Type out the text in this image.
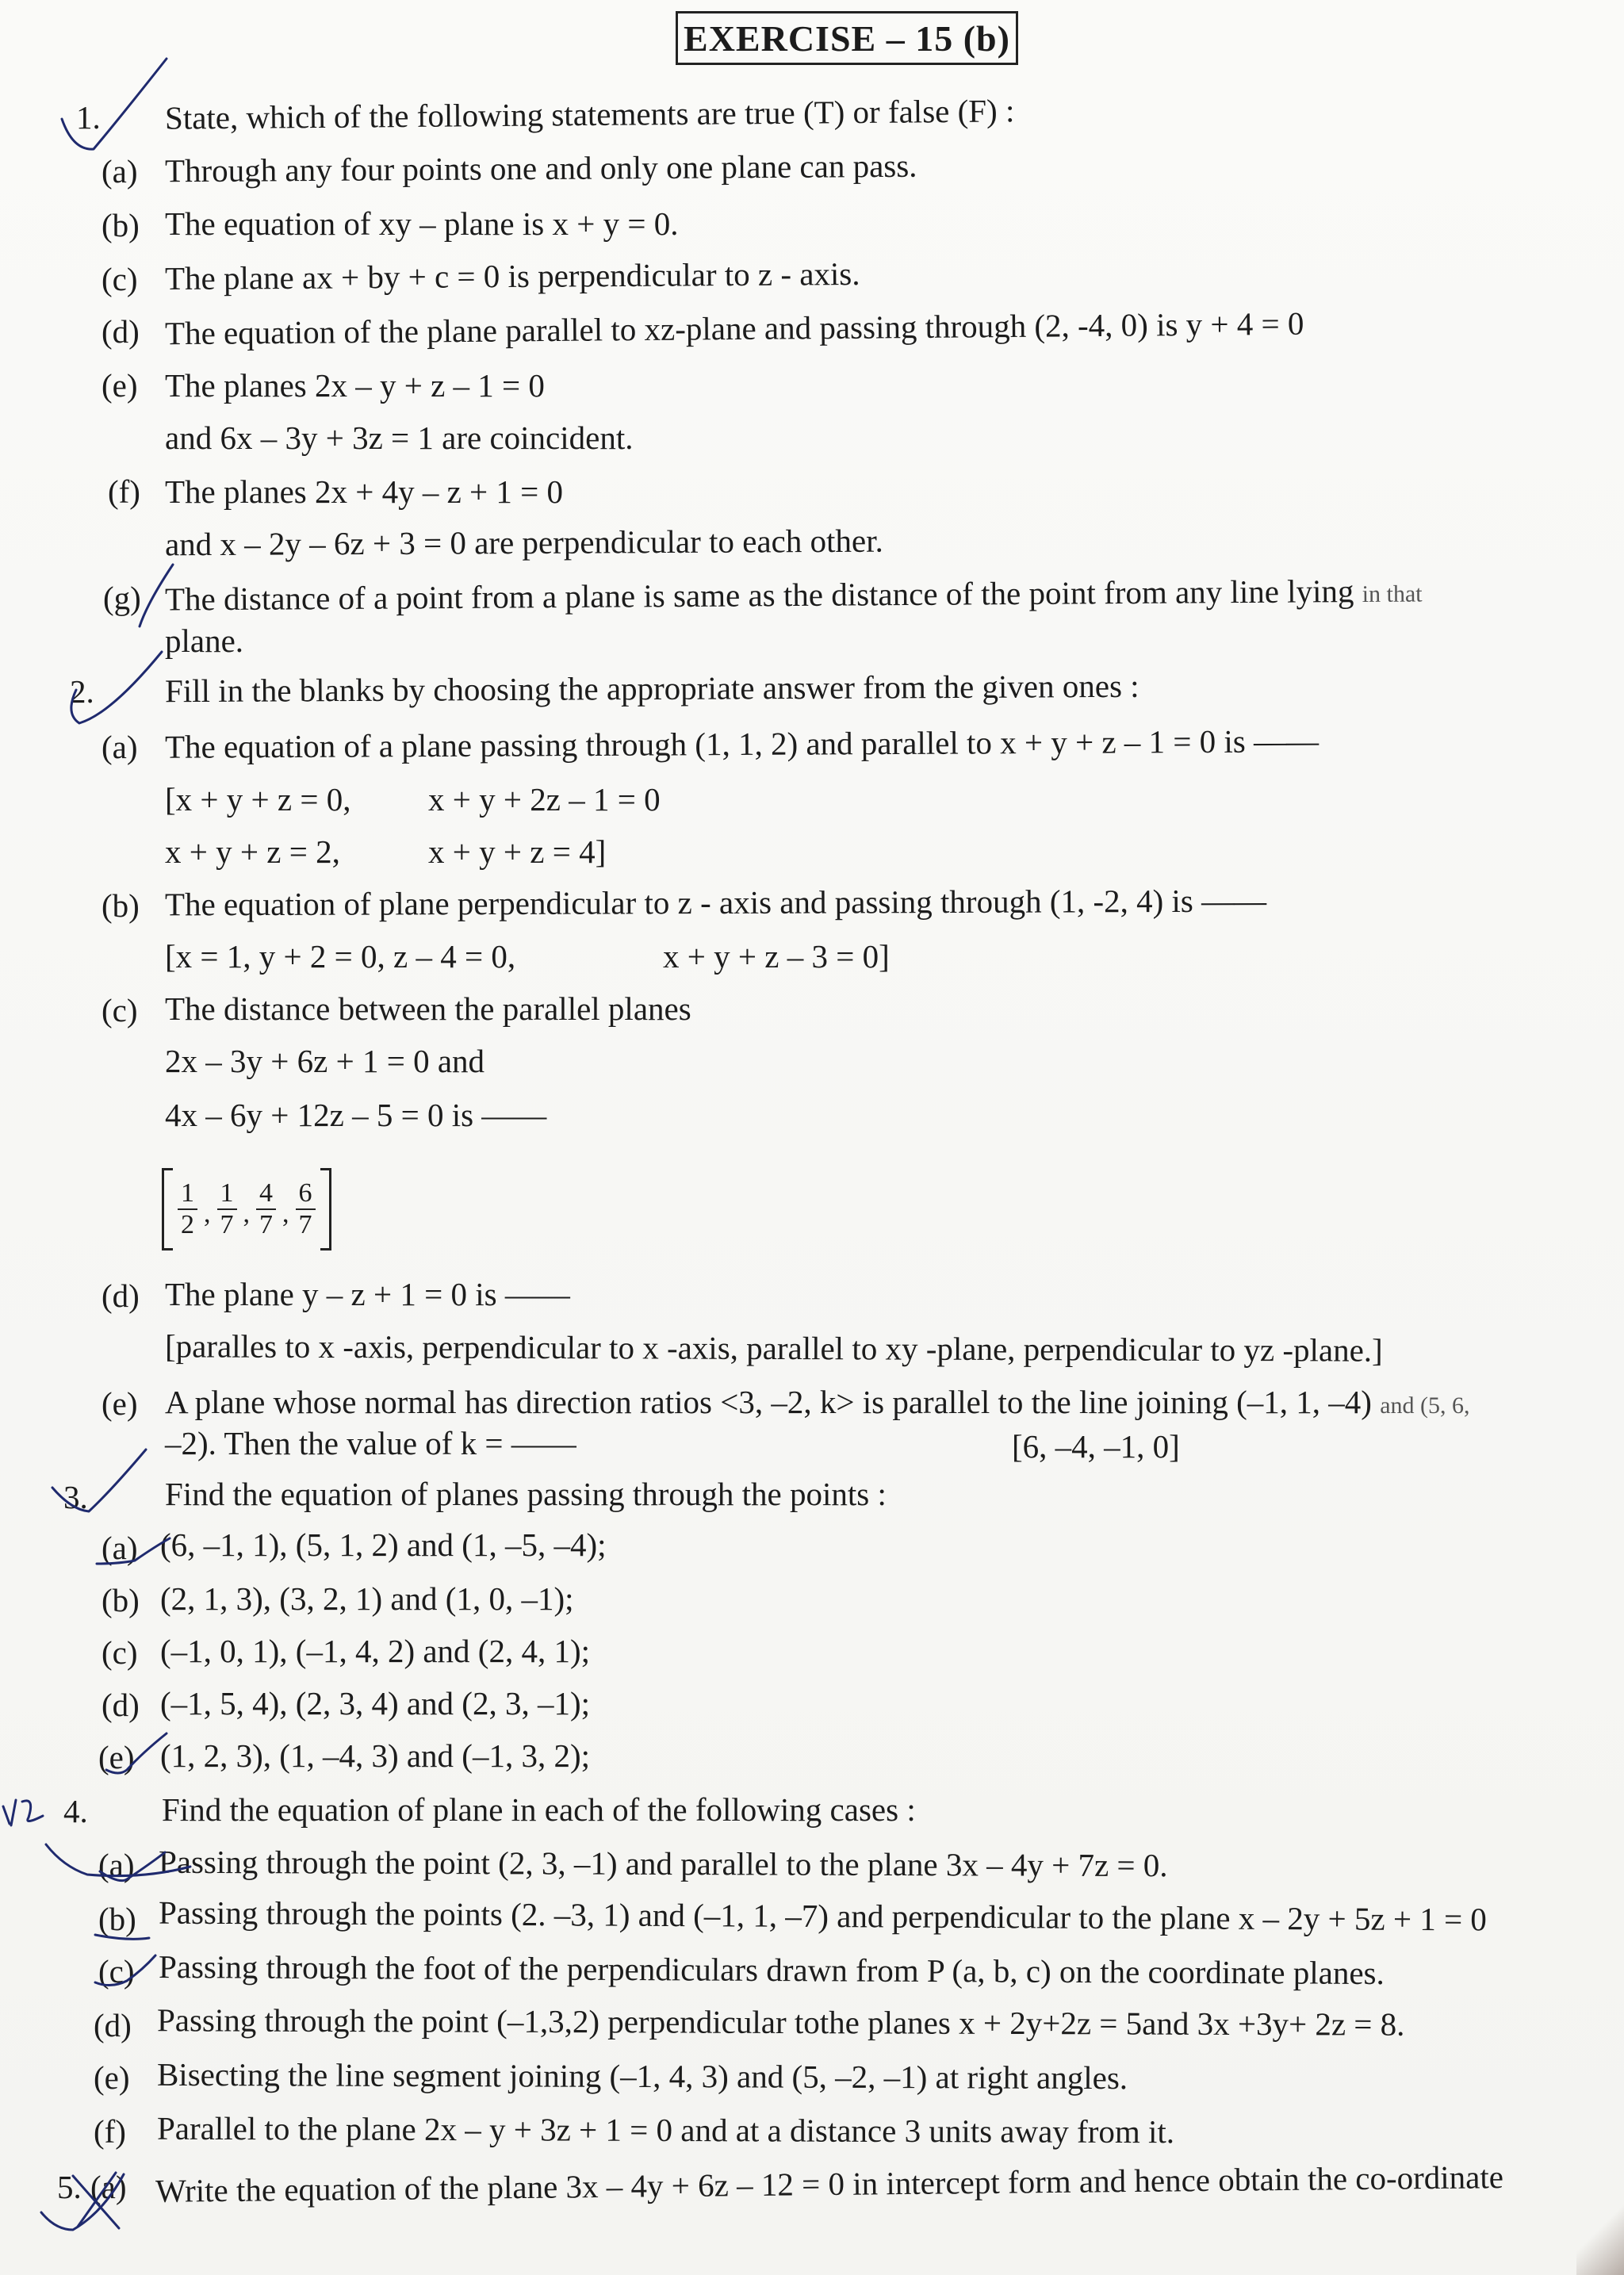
EXERCISE – 15 (b)
1. State, which of the following statements are true (T) or false (F) :
(a) Through any four points one and only one plane can pass.
(b) The equation of xy – plane is x + y = 0.
(c) The plane ax + by + c = 0 is perpendicular to z - axis.
(d) The equation of the plane parallel to xz-plane and passing through (2, -4, 0) is y + 4 = 0
(e) The planes 2x – y + z – 1 = 0
and 6x – 3y + 3z = 1 are coincident.
(f) The planes 2x + 4y – z + 1 = 0
and x – 2y – 6z + 3 = 0 are perpendicular to each other.
(g) The distance of a point from a plane is same as the distance of the point from any line lying in that
plane.
2. Fill in the blanks by choosing the appropriate answer from the given ones :
(a) The equation of a plane passing through (1, 1, 2) and parallel to x + y + z – 1 = 0 is ——
[x + y + z = 0, x + y + 2z – 1 = 0
x + y + z = 2,	x + y + z = 4]
(b) The equation of plane perpendicular to z - axis and passing through (1, -2, 4) is ——
[x = 1, y + 2 = 0, z – 4 = 0,	x + y + z – 3 = 0]
(c) The distance between the parallel planes
2x – 3y + 6z + 1 = 0 and
4x – 6y + 12z – 5 = 0 is ——
$\frac{1}{2}$ , $\frac{1}{7}$ , $\frac{4}{7}$ , $\frac{6}{7}$
(d) The plane y – z + 1 = 0 is ——
[paralles to x -axis, perpendicular to x -axis, parallel to xy -plane, perpendicular to yz -plane.]
(e) A plane whose normal has direction ratios <3, –2, k> is parallel to the line joining (–1, 1, –4) and (5, 6,
–2). Then the value of k = ——	[6, –4, –1, 0]
3. Find the equation of planes passing through the points :
(a) (6, –1, 1), (5, 1, 2) and (1, –5, –4);
(b) (2, 1, 3), (3, 2, 1) and (1, 0, –1);
(c) (–1, 0, 1), (–1, 4, 2) and (2, 4, 1);
(d) (–1, 5, 4), (2, 3, 4) and (2, 3, –1);
(e) (1, 2, 3), (1, –4, 3) and (–1, 3, 2);
4. Find the equation of plane in each of the following cases :
(a) Passing through the point (2, 3, –1) and parallel to the plane 3x – 4y + 7z = 0.
(b) Passing through the points (2. –3, 1) and (–1, 1, –7) and perpendicular to the plane x – 2y + 5z + 1 = 0
(c) Passing through the foot of the perpendiculars drawn from P (a, b, c) on the coordinate planes.
(d) Passing through the point (–1,3,2) perpendicular tothe planes x + 2y+2z = 5and 3x +3y+ 2z = 8.
(e) Bisecting the line segment joining (–1, 4, 3) and (5, –2, –1) at right angles.
(f) Parallel to the plane 2x – y + 3z + 1 = 0 and at a distance 3 units away from it.
5. (a) Write the equation of the plane 3x – 4y + 6z – 12 = 0 in intercept form and hence obtain the co-ordinate
